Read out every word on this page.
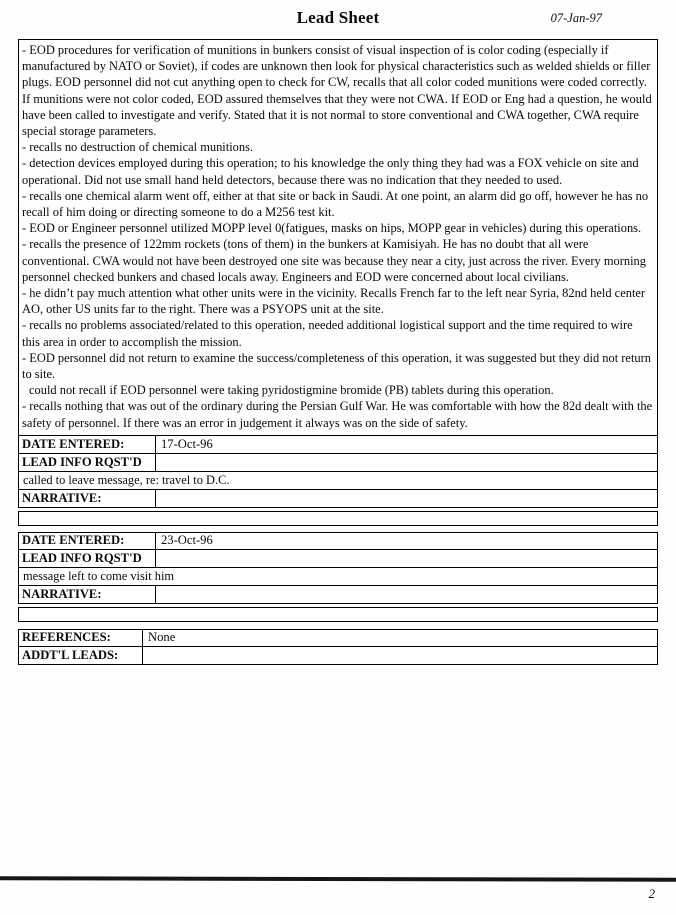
Lead Sheet	07-Jan-97

- EOD procedures for verification of munitions in bunkers consist of visual inspection of is color coding (especially if manufactured by NATO or Soviet), if codes are unknown then look for physical characteristics such as welded shields or filler plugs. EOD personnel did not cut anything open to check for CW, recalls that all color coded munitions were coded correctly. If munitions were not color coded, EOD assured themselves that they were not CWA. If EOD or Eng had a question, he would have been called to investigate and verify. Stated that it is not normal to store conventional and CWA together, CWA require special storage parameters.

- recalls no destruction of chemical munitions.

- detection devices employed during this operation; to his knowledge the only thing they had was a FOX vehicle on site and operational. Did not use small hand held detectors, because there was no indication that they needed to used.

- recalls one chemical alarm went off, either at that site or back in Saudi. At one point, an alarm did go off, however he has no recall of him doing or directing someone to do a M256 test kit.

- EOD or Engineer personnel utilized MOPP level 0(fatigues, masks on hips, MOPP gear in vehicles) during this operations.

- recalls the presence of 122mm rockets (tons of them) in the bunkers at Kamisiyah. He has no doubt that all were conventional. CWA would not have been destroyed one site was because they near a city, just across the river. Every morning personnel checked bunkers and chased locals away. Engineers and EOD were concerned about local civilians.

- he didn’t pay much attention what other units were in the vicinity. Recalls French far to the left near Syria, 82nd held center AO, other US units far to the right. There was a PSYOPS unit at the site.

- recalls no problems associated/related to this operation, needed additional logistical support and the time required to wire this area in order to accomplish the mission.

- EOD personnel did not return to examine the success/completeness of this operation, it was suggested but they did not return to site.

could not recall if EOD personnel were taking pyridostigmine bromide (PB) tablets during this operation.

- recalls nothing that was out of the ordinary during the Persian Gulf War. He was comfortable with how the 82d dealt with the safety of personnel. If there was an error in judgement it always was on the side of safety.

DATE ENTERED:	17-Oct-96
LEAD INFO RQST'D
called to leave message, re: travel to D.C.
NARRATIVE:
DATE ENTERED:	23-Oct-96
LEAD INFO RQST'D
message left to come visit him
NARRATIVE:
REFERENCES:	None
ADDT'L LEADS:
2
